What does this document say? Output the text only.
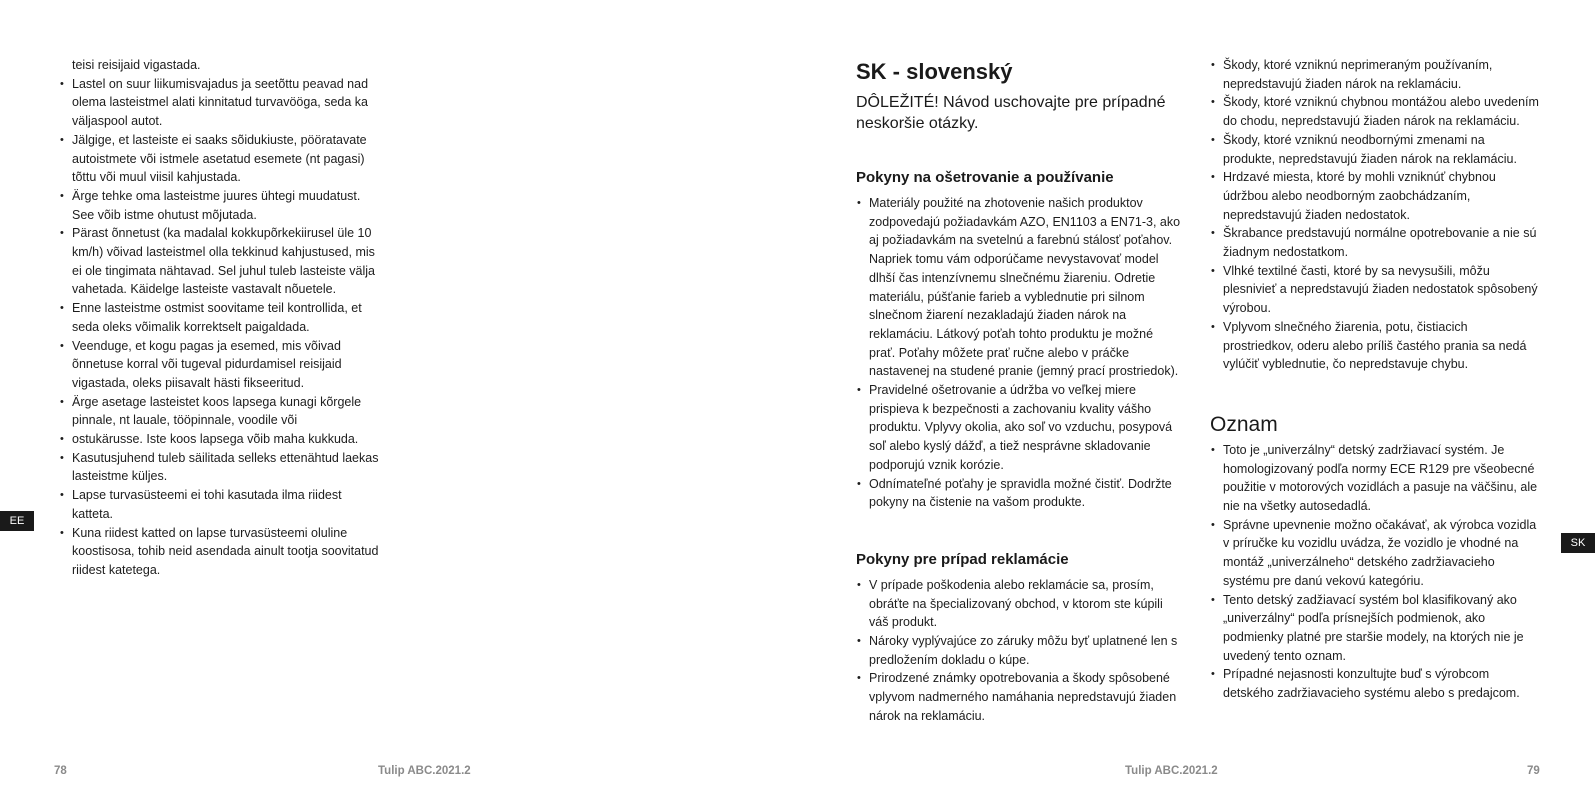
teisi reisijaid vigastada.
• Lastel on suur liikumisvajadus ja seetõttu peavad nad olema lasteistmel alati kinnitatud turvavööga, seda ka väljaspool autot.
• Jälgige, et lasteiste ei saaks sõidukiuste, pööratavate autoistmete või istmele asetatud esemete (nt pagasi) tõttu või muul viisil kahjustada.
• Ärge tehke oma lasteistme juures ühtegi muudatust. See võib istme ohutust mõjutada.
• Pärast õnnetust (ka madalal kokkupõrkekiirusel üle 10 km/h) võivad lasteistmel olla tekkinud kahjustused, mis ei ole tingimata nähtavad. Sel juhul tuleb lasteiste välja vahetada. Käidelge lasteiste vastavalt nõuetele.
• Enne lasteistme ostmist soovitame teil kontrollida, et seda oleks võimalik korrektselt paigaldada.
• Veenduge, et kogu pagas ja esemed, mis võivad õnnetuse korral või tugeval pidurdamisel reisijaid vigastada, oleks piisavalt hästi fikseeritud.
• Ärge asetage lasteistet koos lapsega kunagi kõrgele pinnale, nt lauale, tööpinnale, voodile või
• ostukärusse. Iste koos lapsega võib maha kukkuda.
• Kasutusjuhend tuleb säilitada selleks ettenähtud laekas lasteistme küljes.
• Lapse turvasüsteemi ei tohi kasutada ilma riidest katteta.
• Kuna riidest katted on lapse turvasüsteemi oluline koostisosa, tohib neid asendada ainult tootja soovitatud riidest katetega.
EE
78	Tulip ABC.2021.2
SK - slovenský

DÔLEŽITÉ! Návod uschovajte pre prípadné neskoršie otázky.

Pokyny na ošetrovanie a používanie
• Materiály použité na zhotovenie našich produktov zodpovedajú požiadavkám AZO, EN1103 a EN71-3, ako aj požiadavkám na svetelnú a farebnú stálosť poťahov. Napriek tomu vám odporúčame nevystavovať model dlhší čas intenzívnemu slnečnému žiareniu. Odretie materiálu, púšťanie farieb a vyblednutie pri silnom slnečnom žiarení nezakladajú žiaden nárok na reklamáciu. Látkový poťah tohto produktu je možné prať. Poťahy môžete prať ručne alebo v práčke nastavenej na studené pranie (jemný prací prostriedok).
• Pravidelné ošetrovanie a údržba vo veľkej miere prispieva k bezpečnosti a zachovaniu kvality vášho produktu. Vplyvy okolia, ako soľ vo vzduchu, posypová soľ alebo kyslý dážď, a tiež nesprávne skladovanie podporujú vznik korózie.
• Odnímateľné poťahy je spravidla možné čistiť. Dodržte pokyny na čistenie na vašom produkte.
Pokyny pre prípad reklamácie
• V prípade poškodenia alebo reklamácie sa, prosím, obráťte na špecializovaný obchod, v ktorom ste kúpili váš produkt.
• Nároky vyplývajúce zo záruky môžu byť uplatnené len s predložením dokladu o kúpe.
• Prirodzené známky opotrebovania a škody spôsobené vplyvom nadmerného namáhania nepredstavujú žiaden nárok na reklamáciu.
• Škody, ktoré vzniknú neprimeraným používaním, nepredstavujú žiaden nárok na reklamáciu.
• Škody, ktoré vzniknú chybnou montážou alebo uvedením do chodu, nepredstavujú žiaden nárok na reklamáciu.
• Škody, ktoré vzniknú neodbornými zmenami na produkte, nepredstavujú žiaden nárok na reklamáciu.
• Hrdzavé miesta, ktoré by mohli vzniknúť chybnou údržbou alebo neodborným zaobchádzaním, nepredstavujú žiaden nedostatok.
• Škrabance predstavujú normálne opotrebovanie a nie sú žiadnym nedostatkom.
• Vlhké textilné časti, ktoré by sa nevysušili, môžu plesnivieť a nepredstavujú žiaden nedostatok spôsobený výrobou.
• Vplyvom slnečného žiarenia, potu, čistiacich prostriedkov, oderu alebo príliš častého prania sa nedá vylúčiť vyblednutie, čo nepredstavuje chybu.
Oznam
• Toto je „univerzálny“ detský zadržiavací systém. Je homologizovaný podľa normy ECE R129 pre všeobecné použitie v motorových vozidlách a pasuje na väčšinu, ale nie na všetky autosedadlá.
• Správne upevnenie možno očakávať, ak výrobca vozidla v príručke ku vozidlu uvádza, že vozidlo je vhodné na montáž „univerzálneho“ detského zadržiavacieho systému pre danú vekovú kategóriu.
• Tento detský zadžiavací systém bol klasifikovaný ako „univerzálny“ podľa prísnejších podmienok, ako podmienky platné pre staršie modely, na ktorých nie je uvedený tento oznam.
• Prípadné nejasnosti konzultujte buď s výrobcom detského zadržiavacieho systému alebo s predajcom.
SK
Tulip ABC.2021.2	79
